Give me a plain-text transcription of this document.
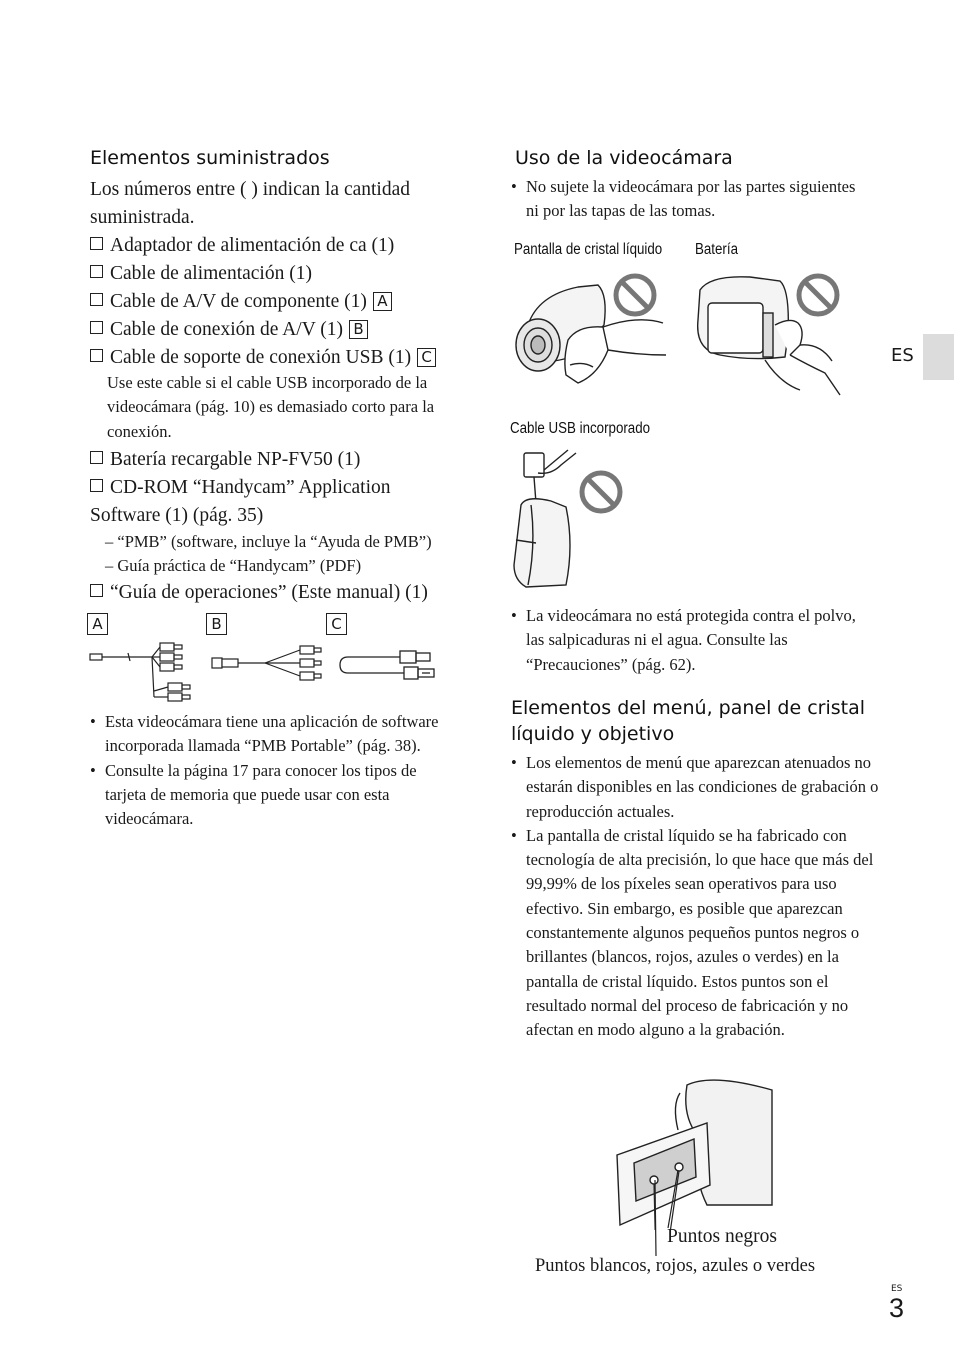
ES
Elementos suministrados

Los números entre ( ) indican la cantidad suministrada.

Adaptador de alimentación de ca (1)
Cable de alimentación (1)
Cable de A/V de componente (1) A
Cable de conexión de A/V (1) B
Cable de soporte de conexión USB (1) C

Use este cable si el cable USB incorporado de la videocámara (pág. 10) es demasiado corto para la conexión.

Batería recargable NP-FV50 (1)
CD-ROM “Handycam” Application Software (1) (pág. 35)
– “PMB” (software, incluye la “Ayuda de PMB”)
– Guía práctica de “Handycam” (PDF)
“Guía de operaciones” (Este manual) (1)
A	B	C
• Esta videocámara tiene una aplicación de software incorporada llamada “PMB Portable” (pág. 38).
• Consulte la página 17 para conocer los tipos de tarjeta de memoria que puede usar con esta videocámara.
Uso de la videocámara
• No sujete la videocámara por las partes siguientes ni por las tapas de las tomas.
Pantalla de cristal líquido Batería
Cable USB incorporado
• La videocámara no está protegida contra el polvo, las salpicaduras ni el agua. Consulte las “Precauciones” (pág. 62).
Elementos del menú, panel de cristal líquido y objetivo
• Los elementos de menú que aparezcan atenuados no estarán disponibles en las condiciones de grabación o reproducción actuales.
• La pantalla de cristal líquido se ha fabricado con tecnología de alta precisión, lo que hace que más del 99,99% de los píxeles sean operativos para uso efectivo. Sin embargo, es posible que aparezcan constantemente algunos pequeños puntos negros o brillantes (blancos, rojos, azules o verdes) en la pantalla de cristal líquido. Estos puntos son el resultado normal del proceso de fabricación y no afectan en modo alguno a la grabación.
Puntos negros
Puntos blancos, rojos, azules o verdes
ES
3
